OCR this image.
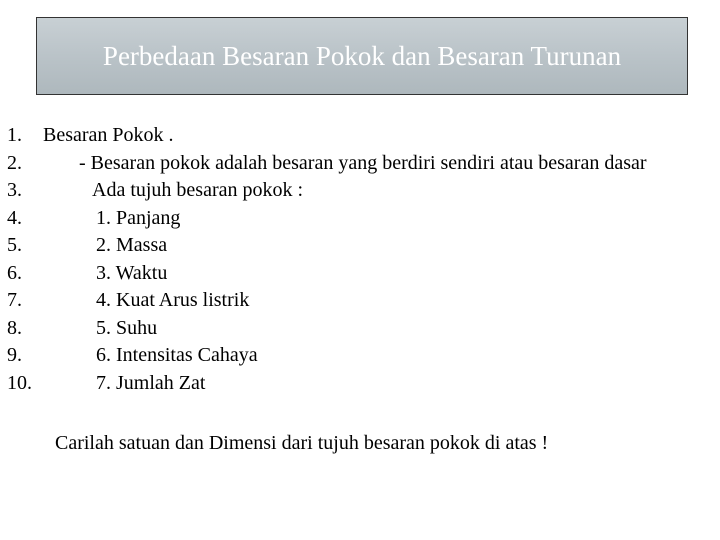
Perbedaan Besaran Pokok dan Besaran Turunan
1. Besaran Pokok .
2.	- Besaran pokok adalah besaran yang berdiri sendiri atau besaran dasar
3.	Ada tujuh besaran pokok :
4.	1. Panjang
5.	2. Massa
6.	3. Waktu
7.	4. Kuat Arus listrik
8.	5. Suhu
9.	6. Intensitas Cahaya
10.	7. Jumlah Zat
Carilah satuan dan Dimensi dari tujuh besaran pokok di atas !
